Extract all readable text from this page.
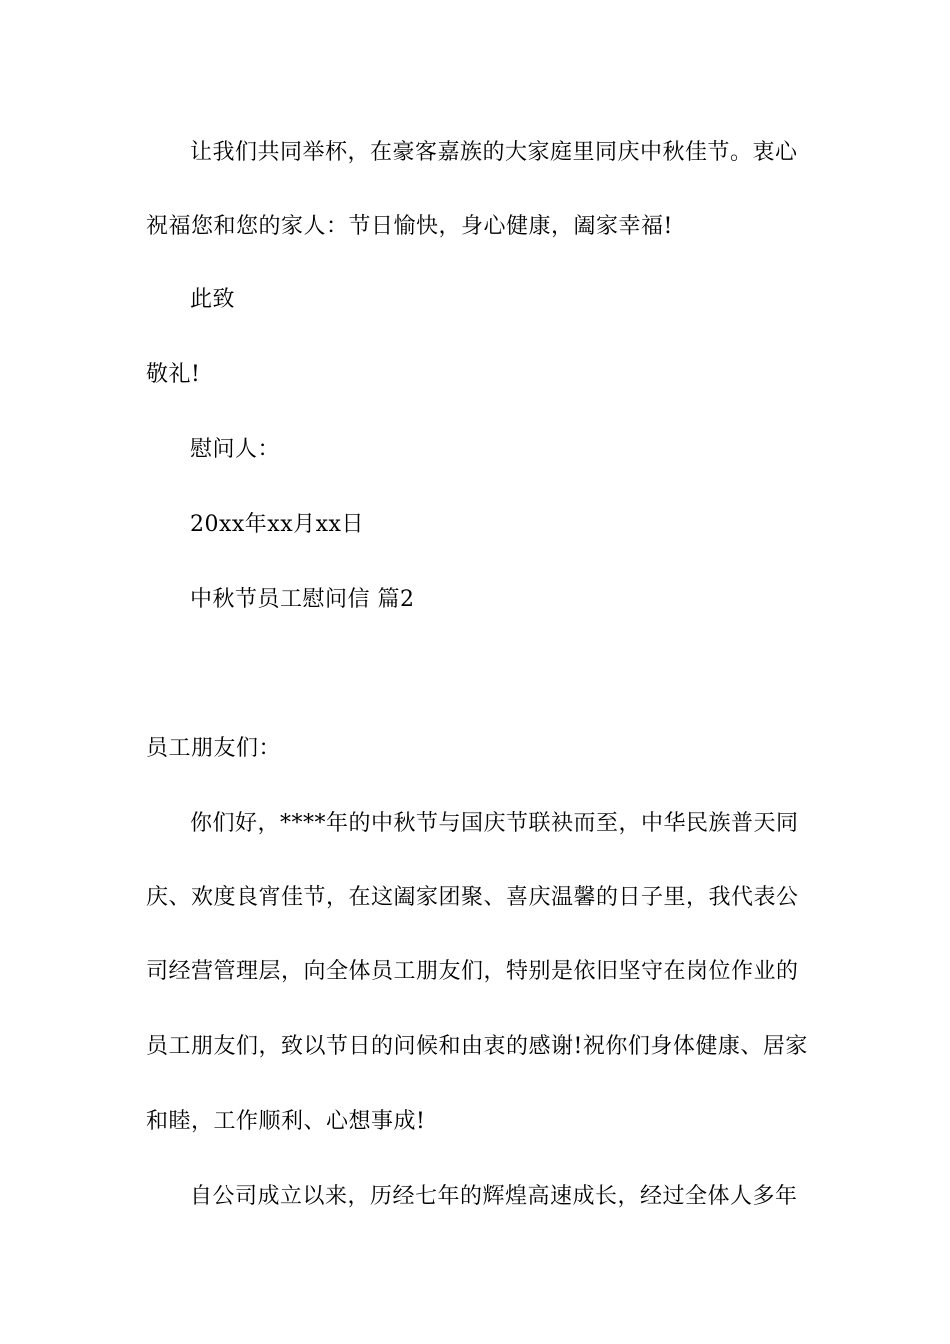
让我们共同举杯，在豪客嘉族的大家庭里同庆中秋佳节。衷心
祝福您和您的家人：节日愉快，身心健康，阖家幸福!
此致
敬礼!
慰问人：
20xx年xx月xx日
中秋节员工慰问信 篇2
员工朋友们：
你们好，****年的中秋节与国庆节联袂而至，中华民族普天同
庆、欢度良宵佳节，在这阖家团聚、喜庆温馨的日子里，我代表公
司经营管理层，向全体员工朋友们，特别是依旧坚守在岗位作业的
员工朋友们，致以节日的问候和由衷的感谢!祝你们身体健康、居家
和睦，工作顺利、心想事成!
自公司成立以来，历经七年的辉煌高速成长，经过全体人多年
